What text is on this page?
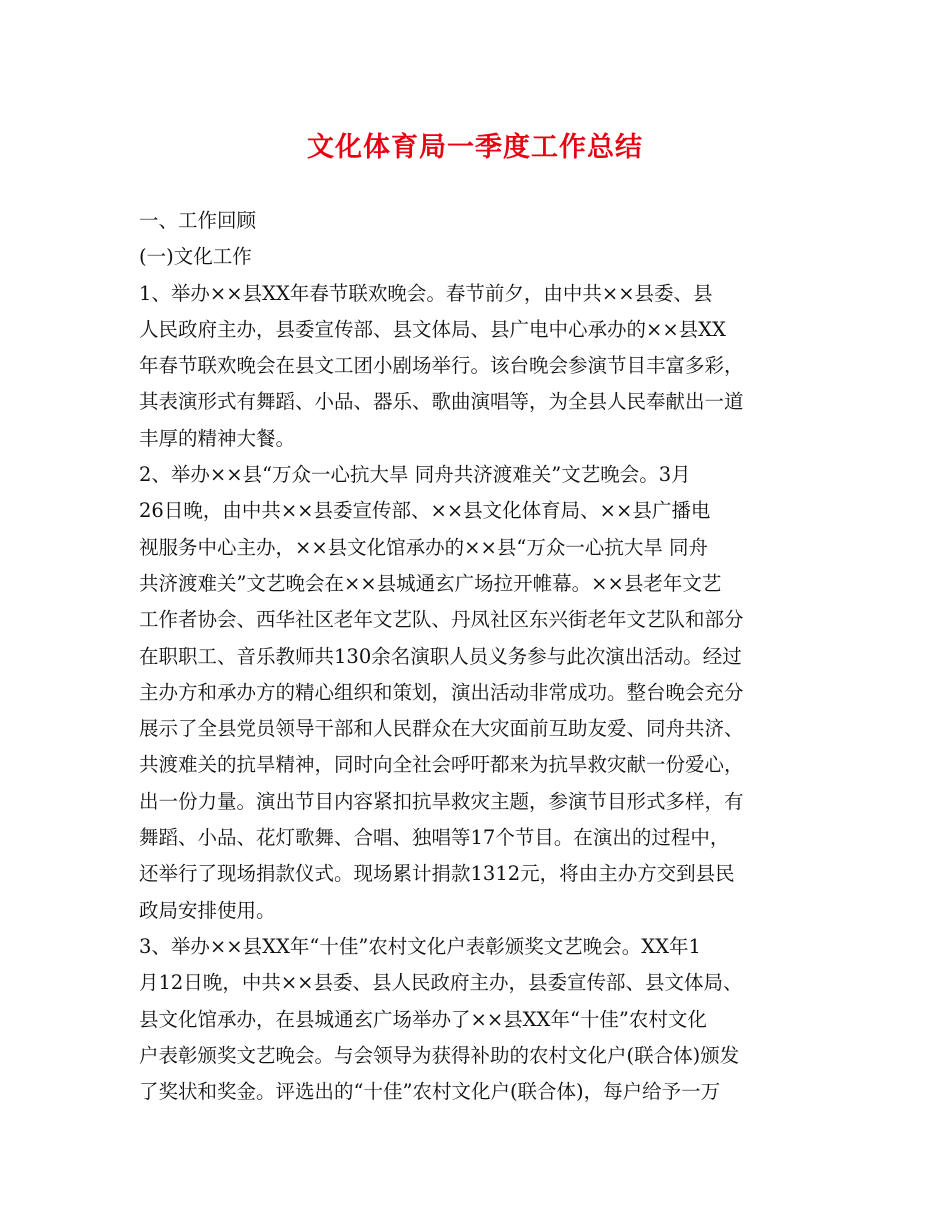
文化体育局一季度工作总结
一、工作回顾
(一)文化工作
1、举办××县XX年春节联欢晚会。春节前夕，由中共××县委、县
人民政府主办，县委宣传部、县文体局、县广电中心承办的××县XX
年春节联欢晚会在县文工团小剧场举行。该台晚会参演节目丰富多彩，
其表演形式有舞蹈、小品、器乐、歌曲演唱等，为全县人民奉献出一道
丰厚的精神大餐。
2、举办××县“万众一心抗大旱 同舟共济渡难关”文艺晚会。3月
26日晚，由中共××县委宣传部、××县文化体育局、××县广播电
视服务中心主办，××县文化馆承办的××县“万众一心抗大旱 同舟
共济渡难关”文艺晚会在××县城通玄广场拉开帷幕。××县老年文艺
工作者协会、西华社区老年文艺队、丹凤社区东兴街老年文艺队和部分
在职职工、音乐教师共130余名演职人员义务参与此次演出活动。经过
主办方和承办方的精心组织和策划，演出活动非常成功。整台晚会充分
展示了全县党员领导干部和人民群众在大灾面前互助友爱、同舟共济、
共渡难关的抗旱精神，同时向全社会呼吁都来为抗旱救灾献一份爱心，
出一份力量。演出节目内容紧扣抗旱救灾主题，参演节目形式多样，有
舞蹈、小品、花灯歌舞、合唱、独唱等17个节目。在演出的过程中，
还举行了现场捐款仪式。现场累计捐款1312元，将由主办方交到县民
政局安排使用。
3、举办××县XX年“十佳”农村文化户表彰颁奖文艺晚会。XX年1
月12日晚，中共××县委、县人民政府主办，县委宣传部、县文体局、
县文化馆承办，在县城通玄广场举办了××县XX年“十佳”农村文化
户表彰颁奖文艺晚会。与会领导为获得补助的农村文化户(联合体)颁发
了奖状和奖金。评选出的“十佳”农村文化户(联合体)，每户给予一万
